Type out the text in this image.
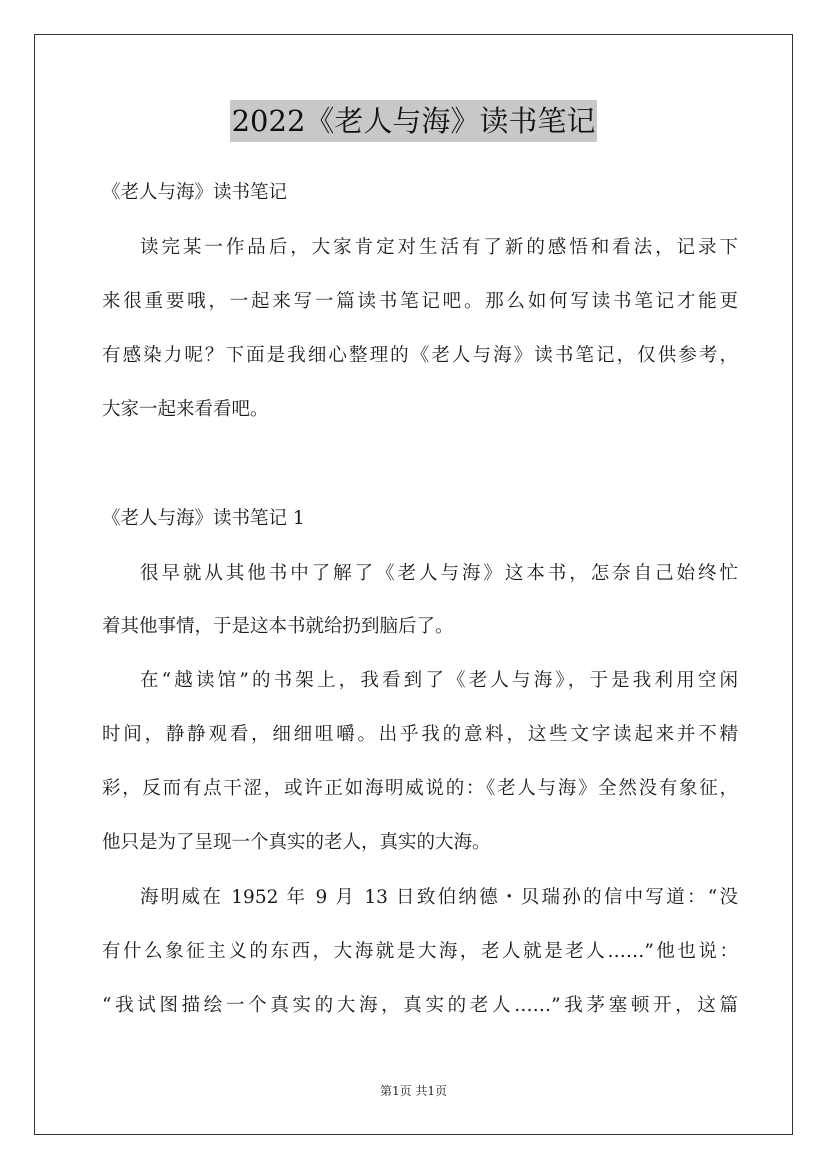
2022《老人与海》读书笔记
《老人与海》读书笔记
读完某一作品后，大家肯定对生活有了新的感悟和看法，记录下
来很重要哦，一起来写一篇读书笔记吧。那么如何写读书笔记才能更
有感染力呢？下面是我细心整理的《老人与海》读书笔记，仅供参考，
大家一起来看看吧。
《老人与海》读书笔记 1
很早就从其他书中了解了《老人与海》这本书，怎奈自己始终忙
着其他事情，于是这本书就给扔到脑后了。
在“越读馆”的书架上，我看到了《老人与海》，于是我利用空闲
时间，静静观看，细细咀嚼。出乎我的意料，这些文字读起来并不精
彩，反而有点干涩，或许正如海明威说的：《老人与海》全然没有象征，
他只是为了呈现一个真实的老人，真实的大海。
海明威在 1952 年 9 月 13 日致伯纳德・贝瑞孙的信中写道：“没
有什么象征主义的东西，大海就是大海，老人就是老人……”他也说：
“我试图描绘一个真实的大海，真实的老人……”我茅塞顿开，这篇
第1页 共1页
